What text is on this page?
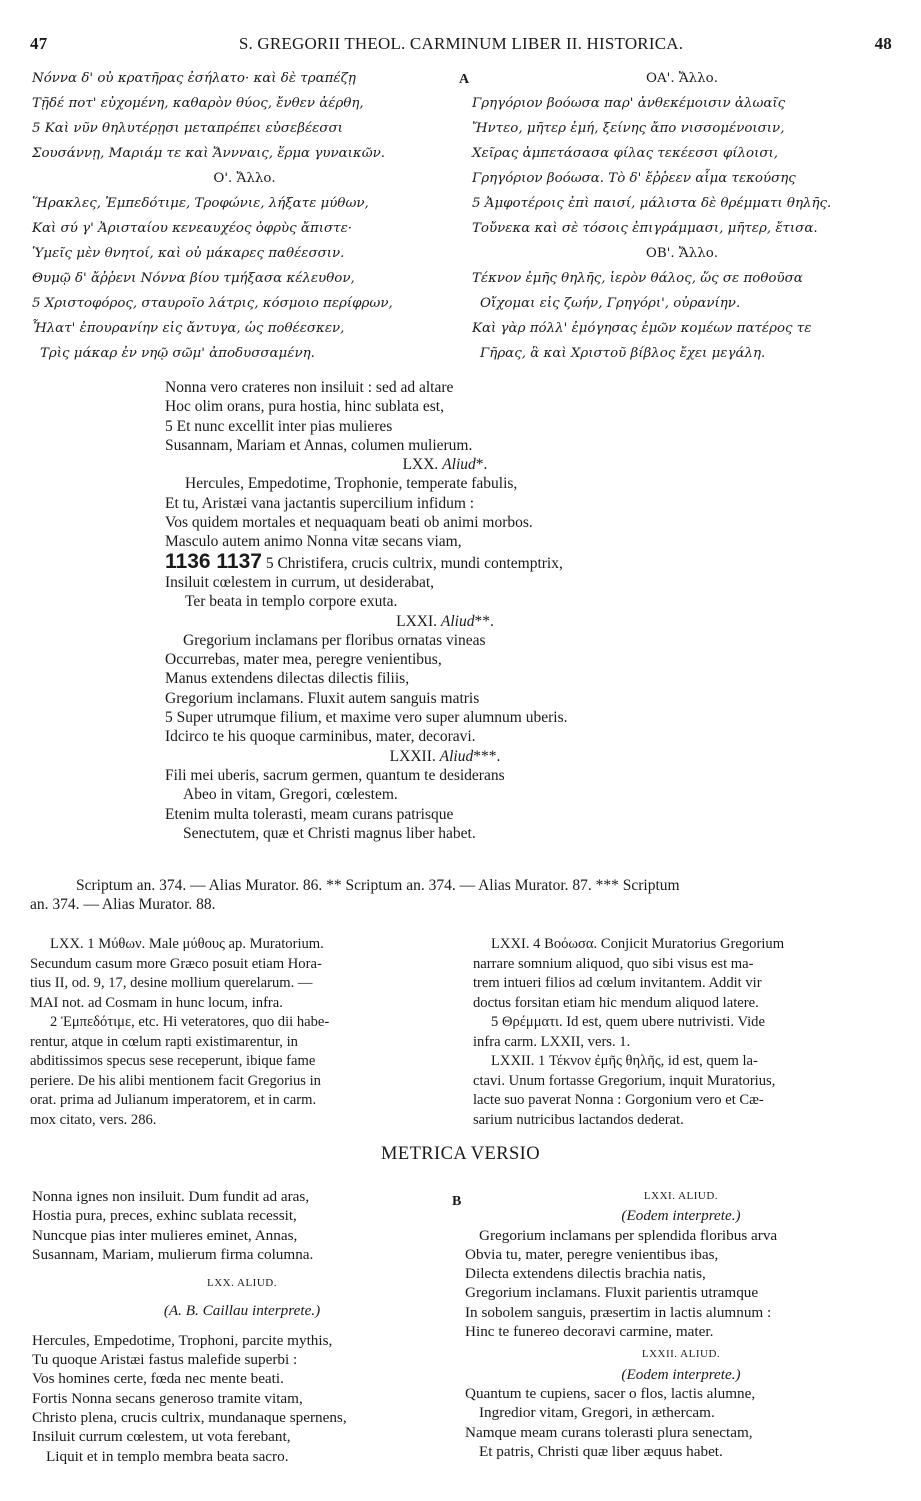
47	S. GREGORII THEOL. CARMINUM LIBER II. HISTORICA.	48
Νόννα δ' οὐ κρατῆρας ἐσήλατο· καὶ δὲ τραπέζῃ
Τῇδέ ποτ' εὐχομένη, καθαρὸν θύος, ἔνθεν ἀέρθη,
5 Καὶ νῦν θηλυτέρῃσι μεταπρέπει εὐσεβέεσσι
Σουσάννῃ, Μαριάμ τε καὶ Ἄννναις, ἕρμα γυναικῶν.
Ο'. Ἄλλο.
Ἥρακλες, Ἐμπεδότιμε, Τροφώνιε, λήξατε μύθων,
Καὶ σύ γ' Ἀρισταίου κενεαυχέος ὀφρὺς ἄπιστε·
Ὑμεῖς μὲν θνητοί, καὶ οὐ μάκαρες παθέεσσιν.
Θυμῷ δ' ἄῤῥενι Νόννα βίου τμήξασα κέλευθον,
5 Χριστοφόρος, σταυροῖο λάτρις, κόσμοιο περίφρων,
Ἧλατ' ἐπουρανίην εἰς ἄντυγα, ὡς ποθέεσκεν,
Τρὶς μάκαρ ἐν νηῷ σῶμ' ἀποδυσσαμένη.
A	ΟΑ'. Ἄλλο.
Γρηγόριον βοόωσα παρ' ἀνθεκέμοισιν ἀλωαῖς
Ἤντεο, μῆτερ ἐμή, ξείνης ἄπο νισσομένοισιν,
Χεῖρας ἀμπετάσασα φίλας τεκέεσσι φίλοισι,
Γρηγόριον βοόωσα. Τὸ δ' ἔῤῥεεν αἷμα τεκούσης
5 Ἀμφοτέροις ἐπὶ παισί, μάλιστα δὲ θρέμματι θηλῆς.
Τοὔνεκα καὶ σὲ τόσοις ἐπιγράμμασι, μῆτερ, ἔτισα.
ΟΒ'. Ἄλλο.
Τέκνον ἐμῆς θηλῆς, ἱερὸν θάλος, ὥς σε ποθοῦσα
Οἴχομαι εἰς ζωήν, Γρηγόρι', οὐρανίην.
Καὶ γὰρ πόλλ' ἐμόγησας ἐμῶν κομέων πατέρος τε
Γῆρας, ἃ καὶ Χριστοῦ βίβλος ἔχει μεγάλη.
Nonna vero crateres non insiluit : sed ad altare
Hoc olim orans, pura hostia, hinc sublata est,
5 Et nunc excellit inter pias mulieres
Susannam, Mariam et Annas, columen mulierum.
LXX. Aliud*.
Hercules, Empedotime, Trophonie, temperate fabulis,
Et tu, Aristæi vana jactantis supercilium infidum :
Vos quidem mortales et nequaquam beati ob animi morbos.
Masculo autem animo Nonna vitæ secans viam,
1136 1137 5 Christifera, crucis cultrix, mundi contemptrix,
Insiluit cœlestem in currum, ut desiderabat,
Ter beata in templo corpore exuta.
LXXI. Aliud**.
Gregorium inclamans per floribus ornatas vineas
Occurrebas, mater mea, peregre venientibus,
Manus extendens dilectas dilectis filiis,
Gregorium inclamans. Fluxit autem sanguis matris
5 Super utrumque filium, et maxime vero super alumnum uberis.
Idcirco te his quoque carminibus, mater, decoravi.
LXXII. Aliud***.
Fili mei uberis, sacrum germen, quantum te desiderans
Abeo in vitam, Gregori, cœlestem.
Etenim multa tolerasti, meam curans patrisque
Senectutem, quæ et Christi magnus liber habet.
Scriptum an. 374. — Alias Murator. 86. ** Scriptum an. 374. — Alias Murator. 87. *** Scriptum
an. 374. — Alias Murator. 88.
LXX. 1 Μύθων. Male μύθους ap. Muratorium.
Secundum casum more Græco posuit etiam Hora-
tius II, od. 9, 17, desine mollium querelarum. —
MAI not. ad Cosmam in hunc locum, infra.
2 Ἐμπεδότιμε, etc. Hi veteratores, quo dii habe-
rentur, atque in cœlum rapti existimarentur, in
abditissimos specus sese receperunt, ibique fame
periere. De his alibi mentionem facit Gregorius in
orat. prima ad Julianum imperatorem, et in carm.
mox citato, vers. 286.
LXXI. 4 Βοόωσα. Conjicit Muratorius Gregorium
narrare somnium aliquod, quo sibi visus est ma-
trem intueri filios ad cœlum invitantem. Addit vir
doctus forsitan etiam hic mendum aliquod latere.
5 Θρέμματι. Id est, quem ubere nutrivisti. Vide
infra carm. LXXII, vers. 1.
LXXII. 1 Τέκνον ἐμῆς θηλῆς, id est, quem la-
ctavi. Unum fortasse Gregorium, inquit Muratorius,
lacte suo paverat Nonna : Gorgonium vero et Cæ-
sarium nutricibus lactandos dederat.
METRICA VERSIO
Nonna ignes non insiluit. Dum fundit ad aras,
Hostia pura, preces, exhinc sublata recessit,
Nuncque pias inter mulieres eminet, Annas,
Susannam, Mariam, mulierum firma columna.
LXX. ALIUD.
(A. B. Caillau interprete.)
Hercules, Empedotime, Trophoni, parcite mythis,
Tu quoque Aristæi fastus malefide superbi :
Vos homines certe, fœda nec mente beati.
Fortis Nonna secans generoso tramite vitam,
Christo plena, crucis cultrix, mundanaque spernens,
Insiluit currum cœlestem, ut vota ferebant,
Liquit et in templo membra beata sacro.
B	LXXI. ALIUD.
(Eodem interprete.)
Gregorium inclamans per splendida floribus arva
Obvia tu, mater, peregre venientibus ibas,
Dilecta extendens dilectis brachia natis,
Gregorium inclamans. Fluxit parientis utramque
In sobolem sanguis, præsertim in lactis alumnum :
Hinc te funereo decoravi carmine, mater.
LXXII. ALIUD.
(Eodem interprete.)
Quantum te cupiens, sacer o flos, lactis alumne,
Ingredior vitam, Gregori, in æthercam.
Namque meam curans tolerasti plura senectam,
Et patris, Christi quæ liber æquus habet.
